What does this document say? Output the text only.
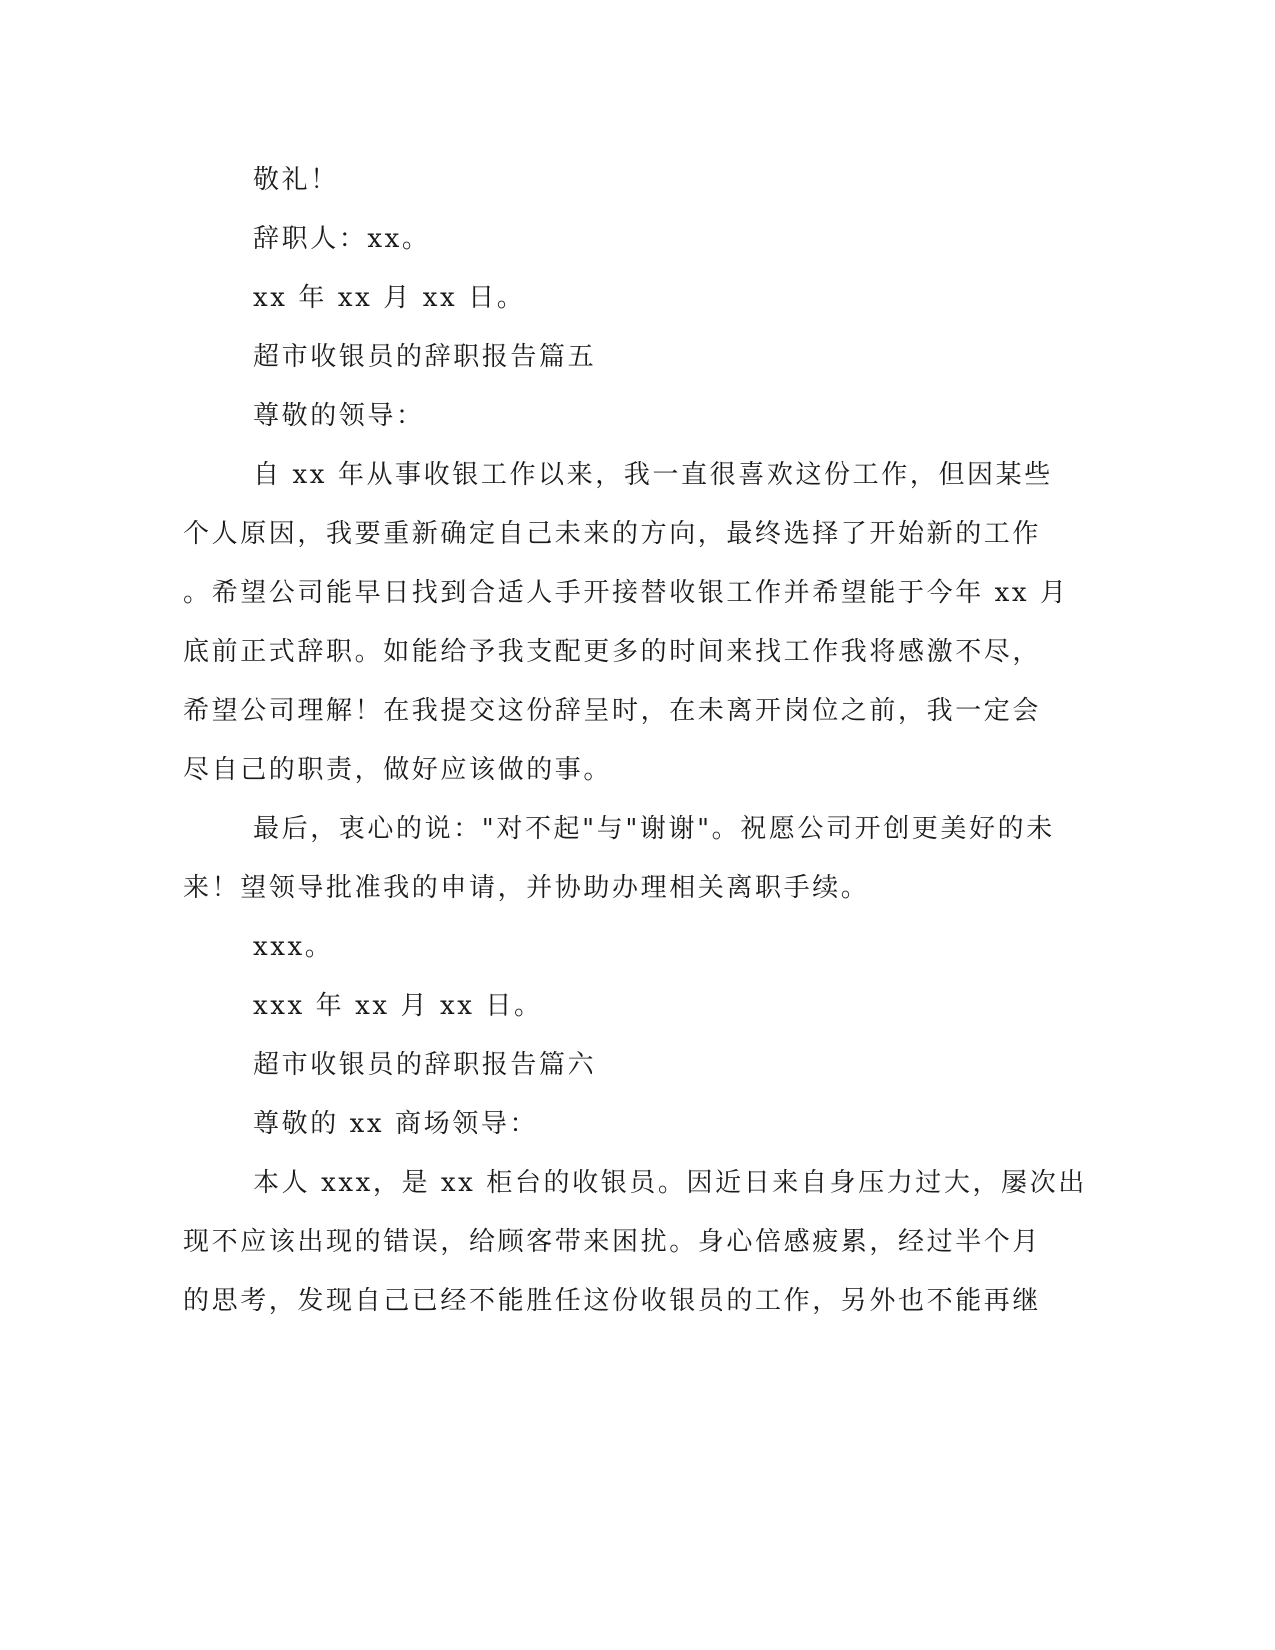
敬礼！
辞职人：xx。
xx 年 xx 月 xx 日。
超市收银员的辞职报告篇五
尊敬的领导：
自 xx 年从事收银工作以来，我一直很喜欢这份工作，但因某些
个人原因，我要重新确定自己未来的方向，最终选择了开始新的工作
。希望公司能早日找到合适人手开接替收银工作并希望能于今年 xx 月
底前正式辞职。如能给予我支配更多的时间来找工作我将感激不尽，
希望公司理解！在我提交这份辞呈时，在未离开岗位之前，我一定会
尽自己的职责，做好应该做的事。
最后，衷心的说："对不起"与"谢谢"。祝愿公司开创更美好的未
来！望领导批准我的申请，并协助办理相关离职手续。
xxx。
xxx 年 xx 月 xx 日。
超市收银员的辞职报告篇六
尊敬的 xx 商场领导：
本人 xxx，是 xx 柜台的收银员。因近日来自身压力过大，屡次出
现不应该出现的错误，给顾客带来困扰。身心倍感疲累，经过半个月
的思考，发现自己已经不能胜任这份收银员的工作，另外也不能再继
